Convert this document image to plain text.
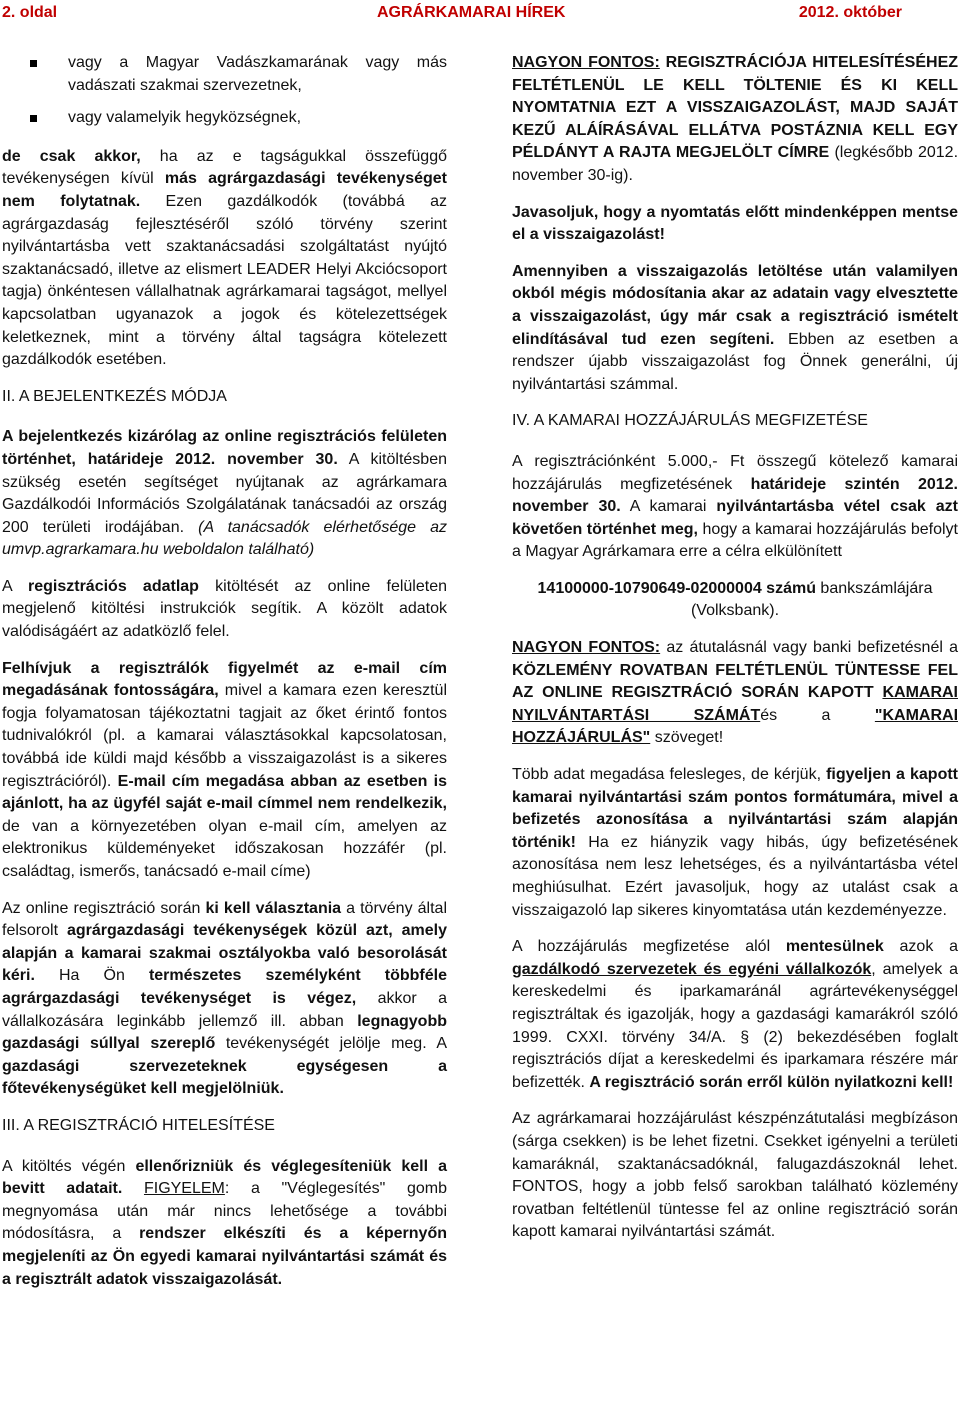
2. oldal	AGRÁRKAMARAI HÍREK	2012. október
vagy a Magyar Vadászkamarának vagy más vadászati szakmai szervezetnek,
vagy valamelyik hegyközségnek,

de csak akkor, ha az e tagságukkal összefüggő tevékenységen kívül más agrárgazdasági tevékenységet nem folytatnak. Ezen gazdálkodók (továbbá az agrárgazdaság fejlesztéséről szóló törvény szerint nyilvántartásba vett szaktanácsadási szolgáltatást nyújtó szaktanácsadó, illetve az elismert LEADER Helyi Akciócsoport tagja) önkéntesen vállalhatnak agrárkamarai tagságot, mellyel kapcsolatban ugyanazok a jogok és kötelezettségek keletkeznek, mint a törvény által tagságra kötelezett gazdálkodók esetében.

II. A BEJELENTKEZÉS MÓDJA

A bejelentkezés kizárólag az online regisztrációs felületen történhet, határideje 2012. november 30. A kitöltésben szükség esetén segítséget nyújtanak az agrárkamara Gazdálkodói Információs Szolgálatának tanácsadói az ország 200 területi irodájában. (A tanácsadók elérhetősége az umvp.agrarkamara.hu weboldalon található)

A regisztrációs adatlap kitöltését az online felületen megjelenő kitöltési instrukciók segítik. A közölt adatok valódiságáért az adatközlő felel.

Felhívjuk a regisztrálók figyelmét az e-mail cím megadásának fontosságára, mivel a kamara ezen keresztül fogja folyamatosan tájékoztatni tagjait az őket érintő fontos tudnivalókról (pl. a kamarai választásokkal kapcsolatosan, továbbá ide küldi majd később a visszaigazolást is a sikeres regisztrációról). E-mail cím megadása abban az esetben is ajánlott, ha az ügyfél saját e-mail címmel nem rendelkezik, de van a környezetében olyan e-mail cím, amelyen az elektronikus küldeményeket időszakosan hozzáfér (pl. családtag, ismerős, tanácsadó e-mail címe)

Az online regisztráció során ki kell választania a törvény által felsorolt agrárgazdasági tevékenységek közül azt, amely alapján a kamarai szakmai osztályokba való besorolását kéri. Ha Ön természetes személyként többféle agrárgazdasági tevékenységet is végez, akkor a vállalkozására leginkább jellemző ill. abban legnagyobb gazdasági súllyal szereplő tevékenységét jelölje meg. A gazdasági szervezeteknek egységesen a főtevékenységüket kell megjelölniük.

III. A REGISZTRÁCIÓ HITELESÍTÉSE

A kitöltés végén ellenőrizniük és véglegesíteniük kell a bevitt adatait. FIGYELEM: a "Véglegesítés" gomb megnyomása után már nincs lehetősége a további módosításra, a rendszer elkészíti és a képernyőn megjeleníti az Ön egyedi kamarai nyilvántartási számát és a regisztrált adatok visszaigazolását.

NAGYON FONTOS: REGISZTRÁCIÓJA HITELESÍTÉSÉHEZ FELTÉTLENÜL LE KELL TÖLTENIE ÉS KI KELL NYOMTATNIA EZT A VISSZAIGAZOLÁST, MAJD SAJÁT KEZŰ ALÁÍRÁSÁVAL ELLÁTVA POSTÁZNIA KELL EGY PÉLDÁNYT A RAJTA MEGJELÖLT CÍMRE (legkésőbb 2012. november 30-ig).

Javasoljuk, hogy a nyomtatás előtt mindenképpen mentse el a visszaigazolást!

Amennyiben a visszaigazolás letöltése után valamilyen okból mégis módosítania akar az adatain vagy elvesztette a visszaigazolást, úgy már csak a regisztráció ismételt elindításával tud ezen segíteni. Ebben az esetben a rendszer újabb visszaigazolást fog Önnek generálni, új nyilvántartási számmal.

IV. A KAMARAI HOZZÁJÁRULÁS MEGFIZETÉSE

A regisztrációnként 5.000,- Ft összegű kötelező kamarai hozzájárulás megfizetésének határideje szintén 2012. november 30. A kamarai nyilvántartásba vétel csak azt követően történhet meg, hogy a kamarai hozzájárulás befolyt a Magyar Agrárkamara erre a célra elkülönített

14100000-10790649-02000004 számú bankszámlájára (Volksbank).

NAGYON FONTOS: az átutalásnál vagy banki befizetésnél a KÖZLEMÉNY ROVATBAN FELTÉTLENÜL TÜNTESSE FEL AZ ONLINE REGISZTRÁCIÓ SORÁN KAPOTT KAMARAI NYILVÁNTARTÁSI SZÁMÁTés a "KAMARAI HOZZÁJÁRULÁS" szöveget!

Több adat megadása felesleges, de kérjük, figyeljen a kapott kamarai nyilvántartási szám pontos formátumára, mivel a befizetés azonosítása a nyilvántartási szám alapján történik! Ha ez hiányzik vagy hibás, úgy befizetésének azonosítása nem lesz lehetséges, és a nyilvántartásba vétel meghiúsulhat. Ezért javasoljuk, hogy az utalást csak a visszaigazoló lap sikeres kinyomtatása után kezdeményezze.

A hozzájárulás megfizetése alól mentesülnek azok a gazdálkodó szervezetek és egyéni vállalkozók, amelyek a kereskedelmi és iparkamaránál agrártevékenységgel regisztráltak és igazolják, hogy a gazdasági kamarákról szóló 1999. CXXI. törvény 34/A. § (2) bekezdésében foglalt regisztrációs díjat a kereskedelmi és iparkamara részére már befizették. A regisztráció során erről külön nyilatkozni kell!

Az agrárkamarai hozzájárulást készpénzátutalási megbízáson (sárga csekken) is be lehet fizetni. Csekket igényelni a területi kamaráknál, szaktanácsadóknál, falugazdászoknál lehet. FONTOS, hogy a jobb felső sarokban található közlemény rovatban feltétlenül tüntesse fel az online regisztráció során kapott kamarai nyilvántartási számát.
